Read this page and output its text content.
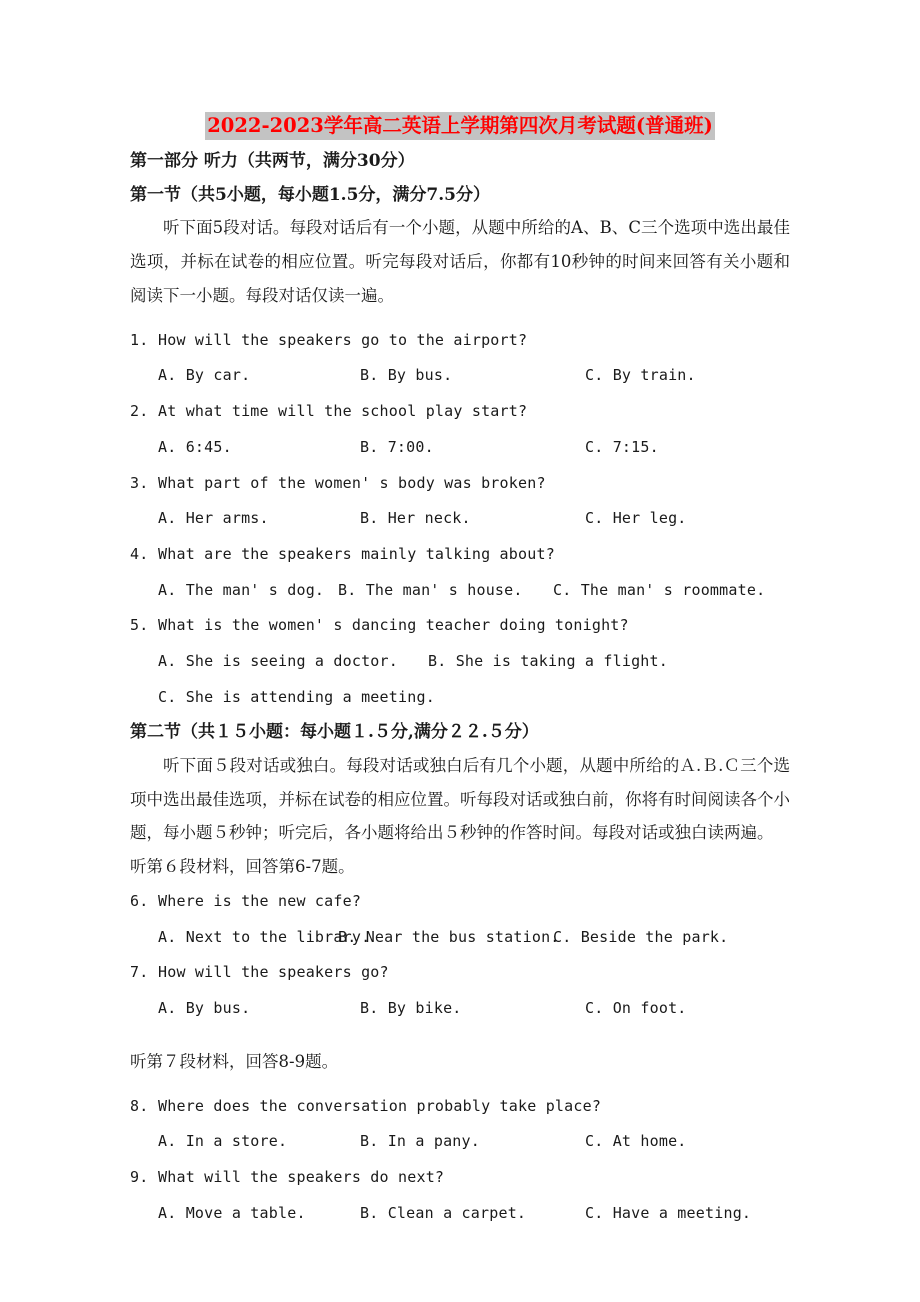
2022-2023学年高二英语上学期第四次月考试题(普通班)
第一部分 听力（共两节，满分30分）
第一节（共5小题，每小题1.5分，满分7.5分）

听下面5段对话。每段对话后有一个小题，从题中所给的A、B、C三个选项中选出最佳选项，并标在试卷的相应位置。听完每段对话后，你都有10秒钟的时间来回答有关小题和阅读下一小题。每段对话仅读一遍。

1. How will the speakers go to the airport?
A. By car.	B. By bus.	C. By train.
2. At what time will the school play start?
A. 6:45.	B. 7:00.	C. 7:15.
3. What part of the women' s body was broken?
A. Her arms.	B. Her neck.	C. Her leg.
4. What are the speakers mainly talking about?
A. The man' s dog. B. The man' s house. C. The man' s roommate.
5. What is the women' s dancing teacher doing tonight?
A. She is seeing a doctor. B. She is taking a flight.
C. She is attending a meeting.
第二节（共１５小题：每小题１.５分,满分２２.５分）

听下面５段对话或独白。每段对话或独白后有几个小题，从题中所给的Ａ.Ｂ.Ｃ三个选项中选出最佳选项，并标在试卷的相应位置。听每段对话或独白前，你将有时间阅读各个小题，每小题５秒钟；听完后，各小题将给出５秒钟的作答时间。每段对话或独白读两遍。

听第６段材料，回答第6-7题。
6. Where is the new cafe?
A. Next to the library.B. Near the bus station.C. Beside the park.
7. How will the speakers go?
A. By bus.	B. By bike.	C. On foot.
听第７段材料，回答8-9题。
8. Where does the conversation probably take place?
A. In a store.	B. In a pany.	C. At home.
9. What will the speakers do next?
A. Move a table.	B. Clean a carpet.	C. Have a meeting.
